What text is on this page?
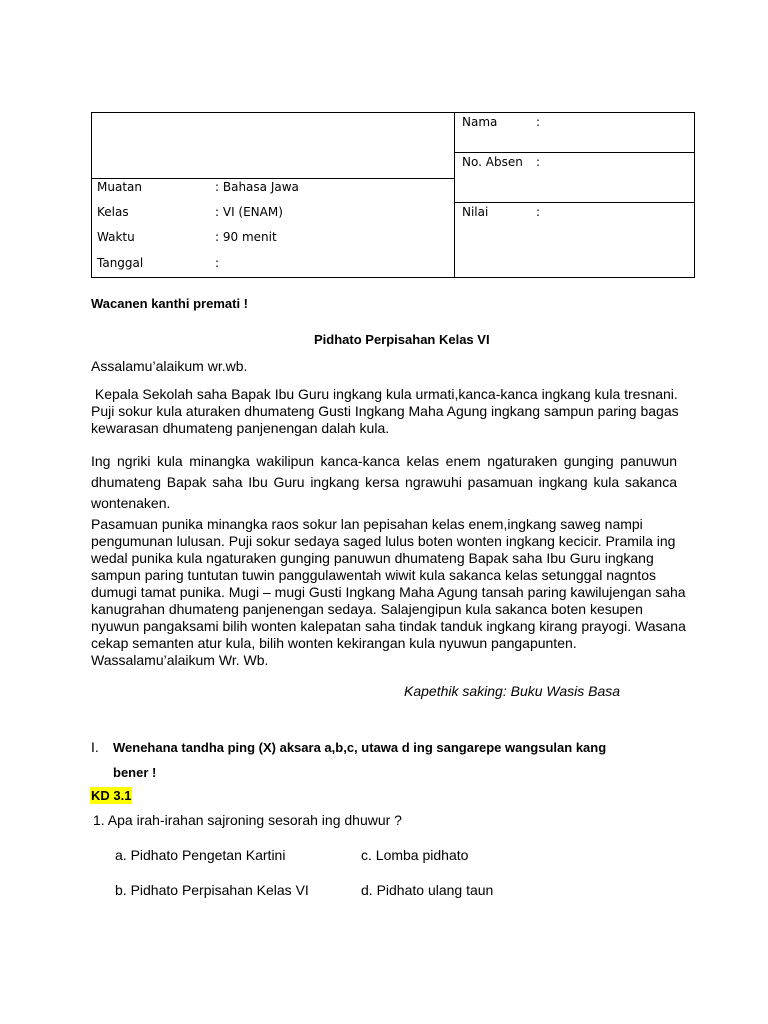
Nama	:
No. Absen :
Nilai	:
Muatan	: Bahasa Jawa
Kelas	: VI (ENAM)
Waktu	: 90 menit
Tanggal	:
Wacanen kanthi premati !
Pidhato Perpisahan Kelas VI
Assalamu’alaikum wr.wb.
Kepala Sekolah saha Bapak Ibu Guru ingkang kula urmati,kanca-kanca ingkang kula tresnani.
Puji sokur kula aturaken dhumateng Gusti Ingkang Maha Agung ingkang sampun paring bagas
kewarasan dhumateng panjenengan dalah kula.
Ing ngriki kula minangka wakilipun kanca-kanca kelas enem ngaturaken gunging panuwun
dhumateng Bapak saha Ibu Guru ingkang kersa ngrawuhi pasamuan ingkang kula sakanca
wontenaken.
Pasamuan punika minangka raos sokur lan pepisahan kelas enem,ingkang saweg nampi
pengumunan lulusan. Puji sokur sedaya saged lulus boten wonten ingkang kecicir. Pramila ing
wedal punika kula ngaturaken gunging panuwun dhumateng Bapak saha Ibu Guru ingkang
sampun paring tuntutan tuwin panggulawentah wiwit kula sakanca kelas setunggal nagntos
dumugi tamat punika. Mugi – mugi Gusti Ingkang Maha Agung tansah paring kawilujengan saha
kanugrahan dhumateng panjenengan sedaya. Salajengipun kula sakanca boten kesupen
nyuwun pangaksami bilih wonten kalepatan saha tindak tanduk ingkang kirang prayogi. Wasana
cekap semanten atur kula, bilih wonten kekirangan kula nyuwun pangapunten.
Wassalamu’alaikum Wr. Wb.
Kapethik saking: Buku Wasis Basa
I. Wenehana tandha ping (X) aksara a,b,c, utawa d ing sangarepe wangsulan kang
bener !
KD 3.1
1. Apa irah-irahan sajroning sesorah ing dhuwur ?
a. Pidhato Pengetan Kartini	c. Lomba pidhato
b. Pidhato Perpisahan Kelas VI	d. Pidhato ulang taun
